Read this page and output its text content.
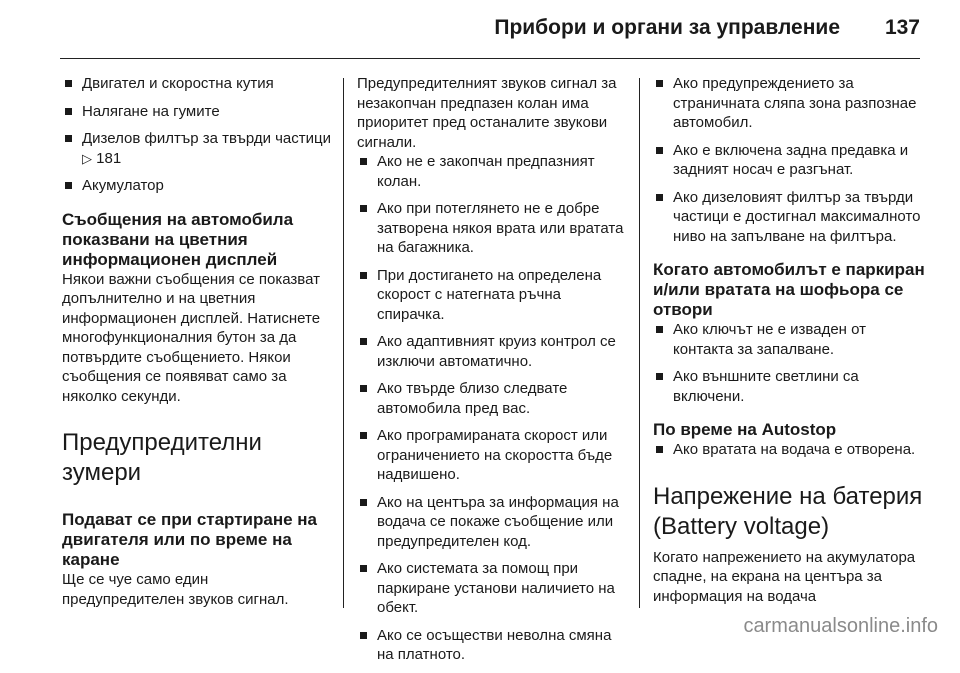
Прибори и органи за управление 137
Двигател и скоростна кутия
Налягане на гумите
Дизелов филтър за твърди частици ▷ 181
Акумулатор
Съобщения на автомобила показвани на цветния информационен дисплей

Някои важни съобщения се показват допълнително и на цветния информационен дисплей. Натиснете многофункционалния бутон за да потвърдите съобщението. Някои съобщения се появяват само за няколко секунди.

Предупредителни зумери
Подават се при стартиране на двигателя или по време на каране

Ще се чуе само един предупредителен звуков сигнал.

Предупредителният звуков сигнал за незакопчан предпазен колан има приоритет пред останалите звукови сигнали.

Ако не е закопчан предпазният колан.
Ако при потеглянето не е добре затворена някоя врата или вратата на багажника.
При достигането на определена скорост с натегната ръчна спирачка.
Ако адаптивният круиз контрол се изключи автоматично.
Ако твърде близо следвате автомобила пред вас.
Ако програмираната скорост или ограничението на скоростта бъде надвишено.
Ако на центъра за информация на водача се покаже съобщение или предупредителен код.
Ако системата за помощ при паркиране установи наличието на обект.
Ако се осъществи неволна смяна на платното.
Ако предупреждението за страничната сляпа зона разпознае автомобил.
Ако е включена задна предавка и задният носач е разгънат.
Ако дизеловият филтър за твърди частици е достигнал максималното ниво на запълване на филтъра.
Когато автомобилът е паркиран и/или вратата на шофьора се отвори
Ако ключът не е изваден от контакта за запалване.
Ако външните светлини са включени.
По време на Autostop
Ако вратата на водача е отворена.
Напрежение на батерия (Battery voltage)

Когато напрежението на акумулатора спадне, на екрана на центъра за информация на водача

carmanualsonline.info
